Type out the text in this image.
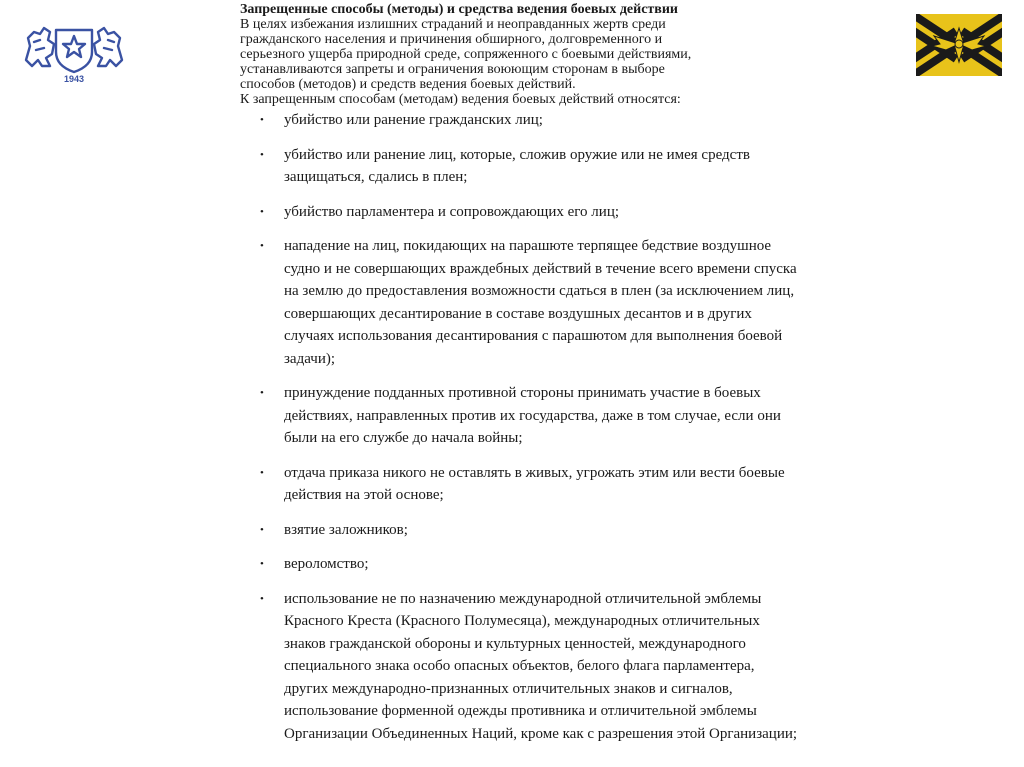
1943
Запрещенные способы (методы) и средства ведения боевых действии

В целях избежания излишних страданий и неоправданных жертв среди

гражданского населения и причинения обширного, долговременного и

серьезного ущерба природной среде, сопряженного с боевыми действиями,

устанавливаются запреты и ограничения воюющим сторонам в выборе

способов (методов) и средств ведения боевых действий.

К запрещенным способам (методам) ведения боевых действий относятся:

• убийство или ранение гражданских лиц;
• убийство или ранение лиц, которые, сложив оружие или не имея средств защищаться, сдались в плен;
• убийство парламентера и сопровождающих его лиц;
• нападение на лиц, покидающих на парашюте терпящее бедствие воздушное судно и не совершающих враждебных действий в течение всего времени спуска на землю до предоставления возможности сдаться в плен (за исключением лиц, совершающих десантирование в составе воздушных десантов и в других случаях использования десантирования с парашютом для выполнения боевой задачи);
• принуждение подданных противной стороны принимать участие в боевых действиях, направленных против их государства, даже в том случае, если они были на его службе до начала войны;
• отдача приказа никого не оставлять в живых, угрожать этим или вести боевые действия на этой основе;
• взятие заложников;
• вероломство;
• использование не по назначению международной отличительной эмблемы Красного Креста (Красного Полумесяца), международных отличительных знаков гражданской обороны и культурных ценностей, международного специального знака особо опасных объектов, белого флага парламентера, других международно-признанных отличительных знаков и сигналов, использование форменной одежды противника и отличительной эмблемы Организации Объединенных Наций, кроме как с разрешения этой Организации;
